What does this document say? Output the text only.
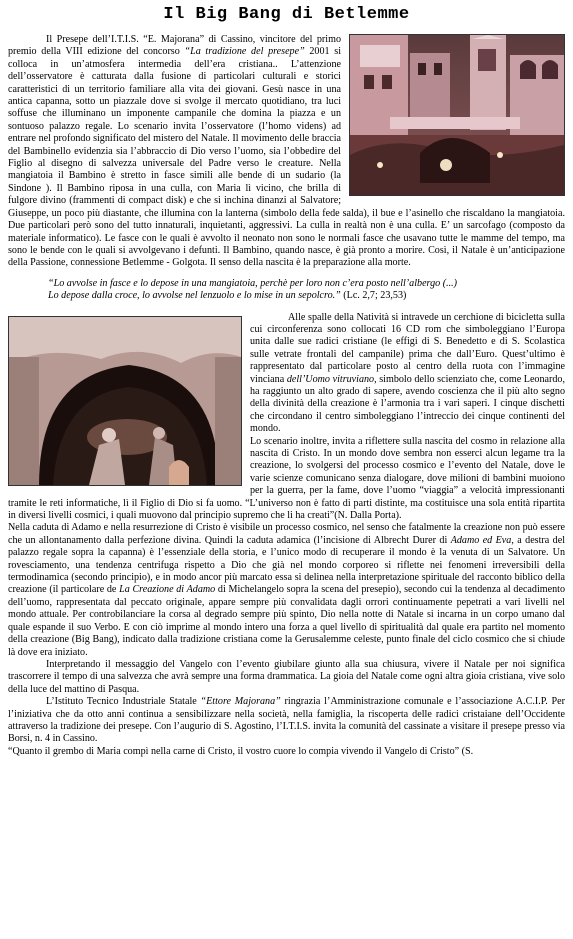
Il Big Bang di Betlemme

Il Presepe dell’I.T.I.S. “E. Majorana” di Cassino, vincitore del primo premio della VIII edizione del concorso “La tradizione del presepe” 2001 si colloca in un’atmosfera intermedia dell’era cristiana.. L’attenzione dell’osservatore è catturata dalla fusione di particolari culturali e storici caratteristici di un territorio familiare alla vita dei giovani. Gesù nasce in una antica capanna, sotto un piazzale dove si svolge il mercato quotidiano, tra luci soffuse che illuminano un imponente campanile che domina la piazza e un sontuoso palazzo regale. Lo scenario invita l’osservatore (l’homo videns) ad entrare nel profondo significato del mistero del Natale. Il movimento delle braccia del Bambinello evidenzia sia l’abbraccio di Dio verso l’uomo, sia l’obbedire del Figlio al disegno di salvezza universale del Padre verso le creature. Nella mangiatoia il Bambino è stretto in fasce simili alle bende di un sudario (la Sindone ). Il Bambino riposa in una culla, con Maria lì vicino, che brilla di fulgore divino (frammenti di compact disk) e che si inchina dinanzi al Salvatore; Giuseppe, un poco più diastante, che illumina con la lanterna (simbolo della fede salda), il bue e l’asinello che riscaldano la mangiatoia. Due particolari però sono del tutto innaturali, inquietanti, aggressivi. La culla in realtà non è una culla. E’ un sarcofago (composto da materiale informatico). Le fasce con le quali è avvolto il neonato non sono le normali fasce che usavano tutte le mamme del tempo, ma sono le bende con le quali si avvolgevano i defunti. Il Bambino, quando nasce, è già pronto a morire. Così, il Natale è un’anticipazione della Passione, connessione Betlemme - Golgota. Il senso della nascita è la preparazione alla morte.

“Lo avvolse in fasce e lo depose in una mangiatoia, perchè per loro non c’era posto nell’albergo (...)
Lo depose dalla croce, lo avvolse nel lenzuolo e lo mise in un sepolcro.” (Lc. 2,7; 23,53)

Alle spalle della Natività si intravede un cerchione di bicicletta sulla cui circonferenza sono collocati 16 CD rom che simboleggiano l’Europa unita dalle sue radici cristiane (le effigi di S. Benedetto e di S. Scolastica sulle vetrate frontali del campanile) prima che dall’Euro. Quest’ultimo è rappresentato dal particolare posto al centro della ruota con l’immagine vinciana dell’Uomo vitruviano, simbolo dello scienziato che, come Leonardo, ha raggiunto un alto grado di sapere, avendo coscienza che il più alto segno della divinità della creazione è l’armonia tra i vari saperi. I cinque dischetti che circondano il centro simboleggiano l’intreccio dei cinque continenti del mondo.

Lo scenario inoltre, invita a riflettere sulla nascita del cosmo in relazione alla nascita di Cristo. In un mondo dove sembra non esserci alcun legame tra la creazione, lo svolgersi del processo cosmico e l’evento del Natale, dove le varie scienze comunicano senza dialogare, dove milioni di bambini muoiono per la guerra, per la fame, dove l’uomo “viaggia” a velocità impressionanti tramite le reti informatiche, lì il Figlio di Dio si fa uomo. “L’universo non è fatto di parti distinte, ma costituisce una sola entità ripartita in diversi livelli cosmici, i quali muovono dal principio supremo che li ha creati”(N. Dalla Porta).

Nella caduta di Adamo e nella resurrezione di Cristo è visibile un processo cosmico, nel senso che fatalmente la creazione non può essere che un allontanamento dalla perfezione divina. Quindi la caduta adamica (l’incisione di Albrecht Durer di Adamo ed Eva, a destra del palazzo regale sopra la capanna) è l’essenziale della storia, e l’unico modo di recuperare il mondo è la venuta di un Salvatore. Un rovesciamento, una tendenza centrifuga rispetto a Dio che già nel mondo corporeo si riflette nei fenomeni irreversibili della termodinamica (secondo principio), e in modo ancor più marcato essa si delinea nella interpretazione spirituale del racconto biblico della creazione (il particolare de La Creazione di Adamo di Michelangelo sopra la scena del presepio), secondo cui la tendenza al decadimento dell’uomo, rappresentata dal peccato originale, appare sempre più convalidata dagli orrori continuamente pepetrati a vari livelli nel mondo attuale. Per controbilanciare la corsa al degrado sempre più spinto, Dio nella notte di Natale si incarna in un corpo umano dal quale espande il suo Verbo. E con ciò imprime al mondo intero una forza a quel livello di spiritualità dal quale era partito nel momento della creazione (Big Bang), indicato dalla tradizione cristiana come la Gerusalemme celeste, punto finale del ciclo cosmico che si chiude là dove era iniziato.

Interpretando il messaggio del Vangelo con l’evento giubilare giunto alla sua chiusura, vivere il Natale per noi significa trascorrere il tempo di una salvezza che avrà sempre una forma drammatica. La gioia del Natale come ogni altra gioia cristiana, vive solo della luce del mattino di Pasqua.

L’Istituto Tecnico Industriale Statale “Ettore Majorana” ringrazia l’Amministrazione comunale e l’associazione A.C.I.P. Per l’iniziativa che da otto anni continua a sensibilizzare nella società, nella famiglia, la riscoperta delle radici cristaiane dell’Occidente attraverso la tradizione dei presepe. Con l’augurio di S. Agostino, l’I.T.I.S. invita la comunità del cassinate a visitare il presepe presso via Borsi, n. 4 in Cassino.

“Quanto il grembo di Maria compì nella carne di Cristo, il vostro cuore lo compia vivendo il Vangelo di Cristo” (S.
